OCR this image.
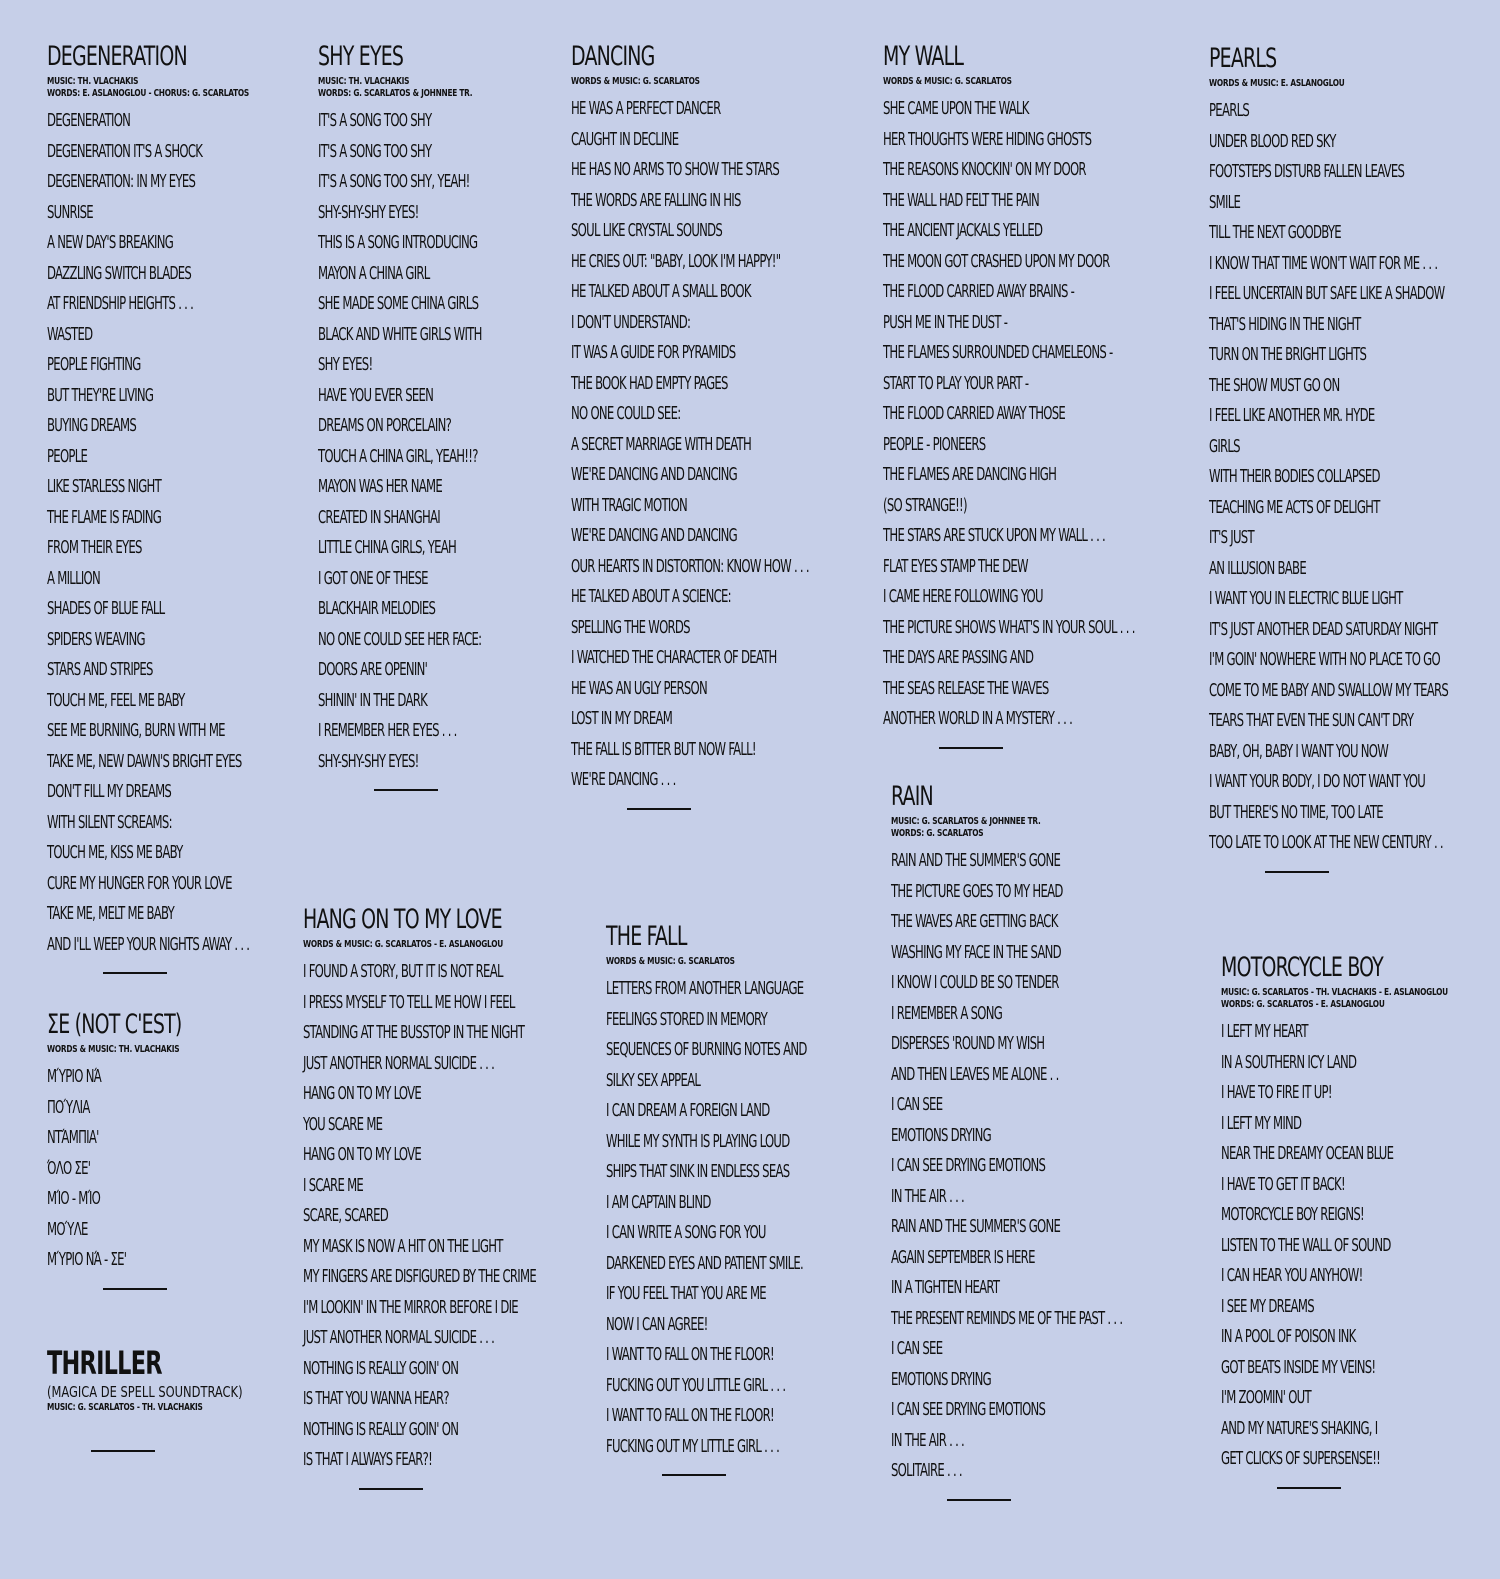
DEGENERATION
MUSIC: TH. VLACHAKIS
WORDS: E. ASLANOGLOU - CHORUS: G. SCARLATOS
DEGENERATION
DEGENERATION IT'S A SHOCK
DEGENERATION: IN MY EYES
SUNRISE
A NEW DAY'S BREAKING
DAZZLING SWITCH BLADES
AT FRIENDSHIP HEIGHTS . . .
WASTED
PEOPLE FIGHTING
BUT THEY'RE LIVING
BUYING DREAMS
PEOPLE
LIKE STARLESS NIGHT
THE FLAME IS FADING
FROM THEIR EYES
A MILLION
SHADES OF BLUE FALL
SPIDERS WEAVING
STARS AND STRIPES
TOUCH ME, FEEL ME BABY
SEE ME BURNING, BURN WITH ME
TAKE ME, NEW DAWN'S BRIGHT EYES
DON'T FILL MY DREAMS
WITH SILENT SCREAMS:
TOUCH ME, KISS ME BABY
CURE MY HUNGER FOR YOUR LOVE
TAKE ME, MELT ME BABY
AND I'LL WEEP YOUR NIGHTS AWAY . . .
ΣΕ (NOT C'EST)
WORDS & MUSIC: TH. VLACHAKIS
ΜΎΡΙΟ ΝΆ
ΠΟΎΛΙΑ
ΝΤΆΜΠΙΑ'
ΌΛΟ ΣΕ'
ΜΊΟ - ΜΊΟ
ΜΟΎΛΕ
ΜΎΡΙΟ ΝΆ - ΣΕ'
THRILLER
(MAGICA DE SPELL SOUNDTRACK)
MUSIC: G. SCARLATOS - TH. VLACHAKIS
SHY EYES
MUSIC: TH. VLACHAKIS
WORDS: G. SCARLATOS & JOHNNEE TR.
IT'S A SONG TOO SHY
IT'S A SONG TOO SHY
IT'S A SONG TOO SHY, YEAH!
SHY-SHY-SHY EYES!
THIS IS A SONG INTRODUCING
MAYON A CHINA GIRL
SHE MADE SOME CHINA GIRLS
BLACK AND WHITE GIRLS WITH
SHY EYES!
HAVE YOU EVER SEEN
DREAMS ON PORCELAIN?
TOUCH A CHINA GIRL, YEAH!!?
MAYON WAS HER NAME
CREATED IN SHANGHAI
LITTLE CHINA GIRLS, YEAH
I GOT ONE OF THESE
BLACKHAIR MELODIES
NO ONE COULD SEE HER FACE:
DOORS ARE OPENIN'
SHININ' IN THE DARK
I REMEMBER HER EYES . . .
SHY-SHY-SHY EYES!
HANG ON TO MY LOVE
WORDS & MUSIC: G. SCARLATOS - E. ASLANOGLOU
I FOUND A STORY, BUT IT IS NOT REAL
I PRESS MYSELF TO TELL ME HOW I FEEL
STANDING AT THE BUSSTOP IN THE NIGHT
JUST ANOTHER NORMAL SUICIDE . . .
HANG ON TO MY LOVE
YOU SCARE ME
HANG ON TO MY LOVE
I SCARE ME
SCARE, SCARED
MY MASK IS NOW A HIT ON THE LIGHT
MY FINGERS ARE DISFIGURED BY THE CRIME
I'M LOOKIN' IN THE MIRROR BEFORE I DIE
JUST ANOTHER NORMAL SUICIDE . . .
NOTHING IS REALLY GOIN' ON
IS THAT YOU WANNA HEAR?
NOTHING IS REALLY GOIN' ON
IS THAT I ALWAYS FEAR?!
DANCING
WORDS & MUSIC: G. SCARLATOS
HE WAS A PERFECT DANCER
CAUGHT IN DECLINE
HE HAS NO ARMS TO SHOW THE STARS
THE WORDS ARE FALLING IN HIS
SOUL LIKE CRYSTAL SOUNDS
HE CRIES OUT: "BABY, LOOK I'M HAPPY!"
HE TALKED ABOUT A SMALL BOOK
I DON'T UNDERSTAND:
IT WAS A GUIDE FOR PYRAMIDS
THE BOOK HAD EMPTY PAGES
NO ONE COULD SEE:
A SECRET MARRIAGE WITH DEATH
WE'RE DANCING AND DANCING
WITH TRAGIC MOTION
WE'RE DANCING AND DANCING
OUR HEARTS IN DISTORTION: KNOW HOW . . .
HE TALKED ABOUT A SCIENCE:
SPELLING THE WORDS
I WATCHED THE CHARACTER OF DEATH
HE WAS AN UGLY PERSON
LOST IN MY DREAM
THE FALL IS BITTER BUT NOW FALL!
WE'RE DANCING . . .
THE FALL
WORDS & MUSIC: G. SCARLATOS
LETTERS FROM ANOTHER LANGUAGE
FEELINGS STORED IN MEMORY
SEQUENCES OF BURNING NOTES AND
SILKY SEX APPEAL
I CAN DREAM A FOREIGN LAND
WHILE MY SYNTH IS PLAYING LOUD
SHIPS THAT SINK IN ENDLESS SEAS
I AM CAPTAIN BLIND
I CAN WRITE A SONG FOR YOU
DARKENED EYES AND PATIENT SMILE.
IF YOU FEEL THAT YOU ARE ME
NOW I CAN AGREE!
I WANT TO FALL ON THE FLOOR!
FUCKING OUT YOU LITTLE GIRL . . .
I WANT TO FALL ON THE FLOOR!
FUCKING OUT MY LITTLE GIRL . . .
MY WALL
WORDS & MUSIC: G. SCARLATOS
SHE CAME UPON THE WALK
HER THOUGHTS WERE HIDING GHOSTS
THE REASONS KNOCKIN' ON MY DOOR
THE WALL HAD FELT THE PAIN
THE ANCIENT JACKALS YELLED
THE MOON GOT CRASHED UPON MY DOOR
THE FLOOD CARRIED AWAY BRAINS -
PUSH ME IN THE DUST -
THE FLAMES SURROUNDED CHAMELEONS -
START TO PLAY YOUR PART -
THE FLOOD CARRIED AWAY THOSE
PEOPLE - PIONEERS
THE FLAMES ARE DANCING HIGH
(SO STRANGE!!)
THE STARS ARE STUCK UPON MY WALL . . .
FLAT EYES STAMP THE DEW
I CAME HERE FOLLOWING YOU
THE PICTURE SHOWS WHAT'S IN YOUR SOUL . . .
THE DAYS ARE PASSING AND
THE SEAS RELEASE THE WAVES
ANOTHER WORLD IN A MYSTERY . . .
RAIN
MUSIC: G. SCARLATOS & JOHNNEE TR.
WORDS: G. SCARLATOS
RAIN AND THE SUMMER'S GONE
THE PICTURE GOES TO MY HEAD
THE WAVES ARE GETTING BACK
WASHING MY FACE IN THE SAND
I KNOW I COULD BE SO TENDER
I REMEMBER A SONG
DISPERSES 'ROUND MY WISH
AND THEN LEAVES ME ALONE . .
I CAN SEE
EMOTIONS DRYING
I CAN SEE DRYING EMOTIONS
IN THE AIR . . .
RAIN AND THE SUMMER'S GONE
AGAIN SEPTEMBER IS HERE
IN A TIGHTEN HEART
THE PRESENT REMINDS ME OF THE PAST . . .
I CAN SEE
EMOTIONS DRYING
I CAN SEE DRYING EMOTIONS
IN THE AIR . . .
SOLITAIRE . . .
PEARLS
WORDS & MUSIC: E. ASLANOGLOU
PEARLS
UNDER BLOOD RED SKY
FOOTSTEPS DISTURB FALLEN LEAVES
SMILE
TILL THE NEXT GOODBYE
I KNOW THAT TIME WON'T WAIT FOR ME . . .
I FEEL UNCERTAIN BUT SAFE LIKE A SHADOW
THAT'S HIDING IN THE NIGHT
TURN ON THE BRIGHT LIGHTS
THE SHOW MUST GO ON
I FEEL LIKE ANOTHER MR. HYDE
GIRLS
WITH THEIR BODIES COLLAPSED
TEACHING ME ACTS OF DELIGHT
IT'S JUST
AN ILLUSION BABE
I WANT YOU IN ELECTRIC BLUE LIGHT
IT'S JUST ANOTHER DEAD SATURDAY NIGHT
I'M GOIN' NOWHERE WITH NO PLACE TO GO
COME TO ME BABY AND SWALLOW MY TEARS
TEARS THAT EVEN THE SUN CAN'T DRY
BABY, OH, BABY I WANT YOU NOW
I WANT YOUR BODY, I DO NOT WANT YOU
BUT THERE'S NO TIME, TOO LATE
TOO LATE TO LOOK AT THE NEW CENTURY . .
MOTORCYCLE BOY
MUSIC: G. SCARLATOS - TH. VLACHAKIS - E. ASLANOGLOU
WORDS: G. SCARLATOS - E. ASLANOGLOU
I LEFT MY HEART
IN A SOUTHERN ICY LAND
I HAVE TO FIRE IT UP!
I LEFT MY MIND
NEAR THE DREAMY OCEAN BLUE
I HAVE TO GET IT BACK!
MOTORCYCLE BOY REIGNS!
LISTEN TO THE WALL OF SOUND
I CAN HEAR YOU ANYHOW!
I SEE MY DREAMS
IN A POOL OF POISON INK
GOT BEATS INSIDE MY VEINS!
I'M ZOOMIN' OUT
AND MY NATURE'S SHAKING, I
GET CLICKS OF SUPERSENSE!!
